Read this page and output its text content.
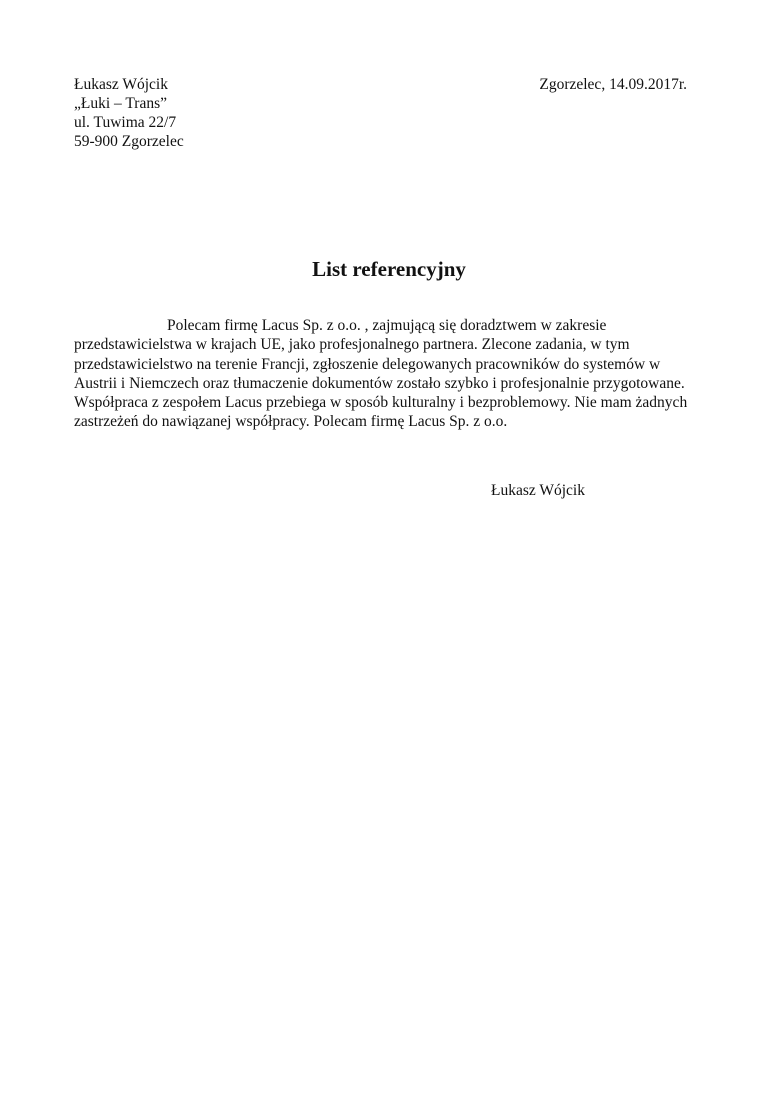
Łukasz Wójcik
„Łuki – Trans”
ul. Tuwima 22/7
59-900 Zgorzelec
Zgorzelec, 14.09.2017r.
List referencyjny
Polecam firmę Lacus Sp. z o.o. , zajmującą się doradztwem w zakresie
przedstawicielstwa w krajach UE, jako profesjonalnego partnera. Zlecone zadania, w tym
przedstawicielstwo na terenie Francji, zgłoszenie delegowanych pracowników do systemów w
Austrii i Niemczech oraz tłumaczenie dokumentów zostało szybko i profesjonalnie przygotowane.
Współpraca z zespołem Lacus przebiega w sposób kulturalny i bezproblemowy. Nie mam żadnych
zastrzeżeń do nawiązanej współpracy. Polecam firmę Lacus Sp. z o.o.
Łukasz Wójcik
